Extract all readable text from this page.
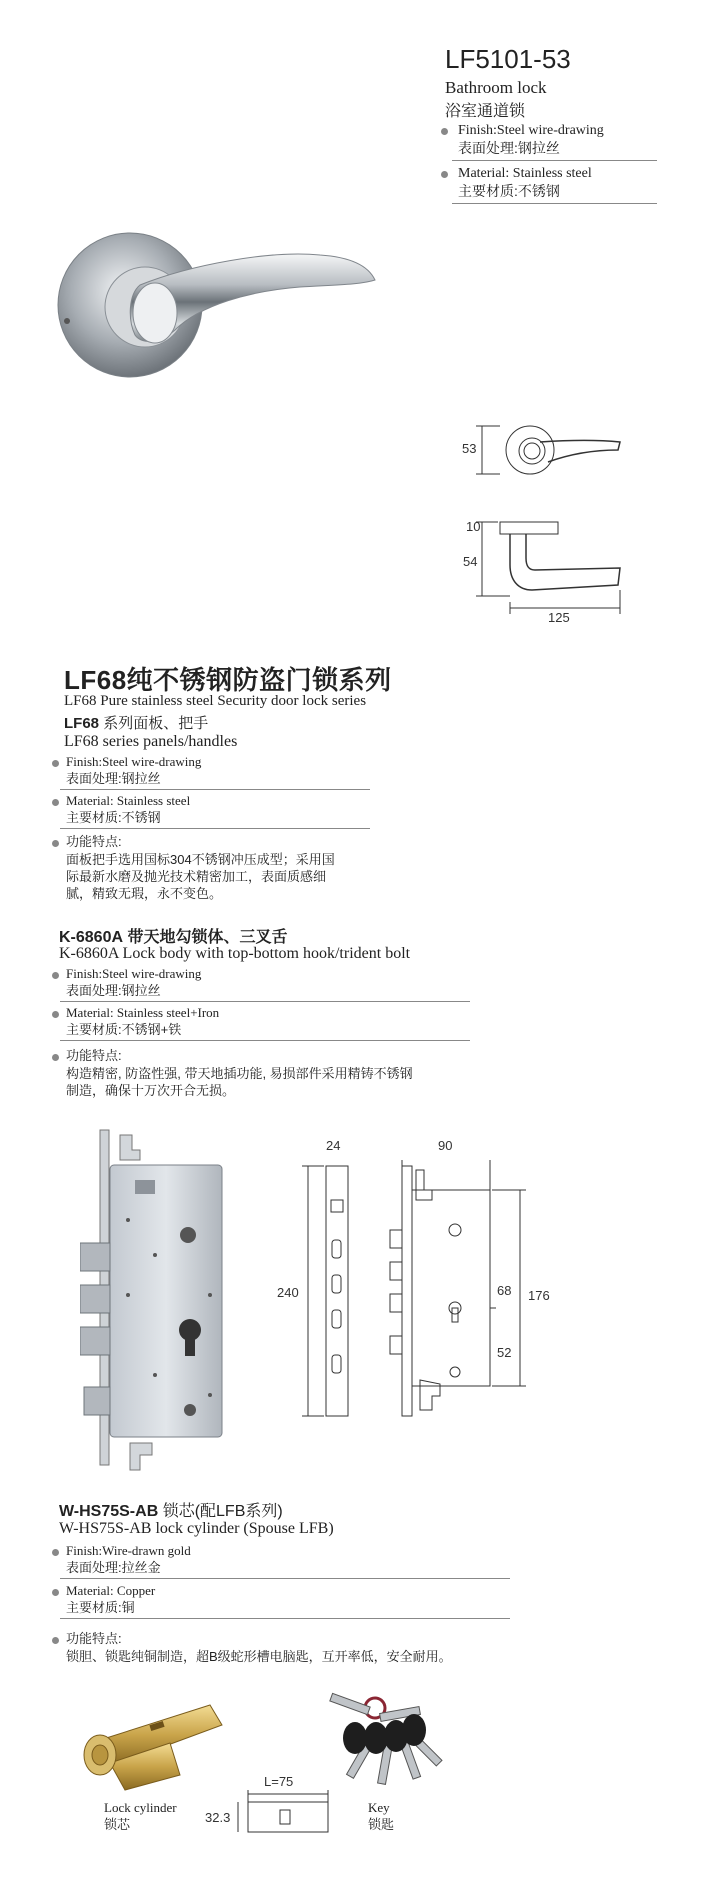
LF5101-53
Bathroom lock
浴室通道锁
Finish:Steel wire-drawing
表面处理:钢拉丝
Material: Stainless steel
主要材质:不锈钢
53
10
54
125
LF68纯不锈钢防盗门锁系列
LF68 Pure stainless steel Security door lock series
LF68 系列面板、把手
LF68 series panels/handles
Finish:Steel wire-drawing
表面处理:钢拉丝
Material: Stainless steel
主要材质:不锈钢
功能特点:
面板把手选用国标304不锈钢冲压成型；采用国
际最新水磨及抛光技术精密加工，表面质感细
腻，精致无瑕，永不变色。
K-6860A 带天地勾锁体、三叉舌
K-6860A Lock body with top-bottom hook/trident bolt
Finish:Steel wire-drawing
表面处理:钢拉丝
Material: Stainless steel+Iron
主要材质:不锈钢+铁
功能特点:
构造精密, 防盗性强, 带天地插功能, 易损部件采用精铸不锈钢
制造，确保十万次开合无损。
24
240
90
176
68
52
W-HS75S-AB 锁芯(配LFB系列)
W-HS75S-AB lock cylinder (Spouse LFB)
Finish:Wire-drawn gold
表面处理:拉丝金
Material: Copper
主要材质:铜
功能特点:
锁胆、锁匙纯铜制造，超B级蛇形槽电脑匙，互开率低，安全耐用。
Lock cylinder
锁芯
L=75
32.3
Key
锁匙
